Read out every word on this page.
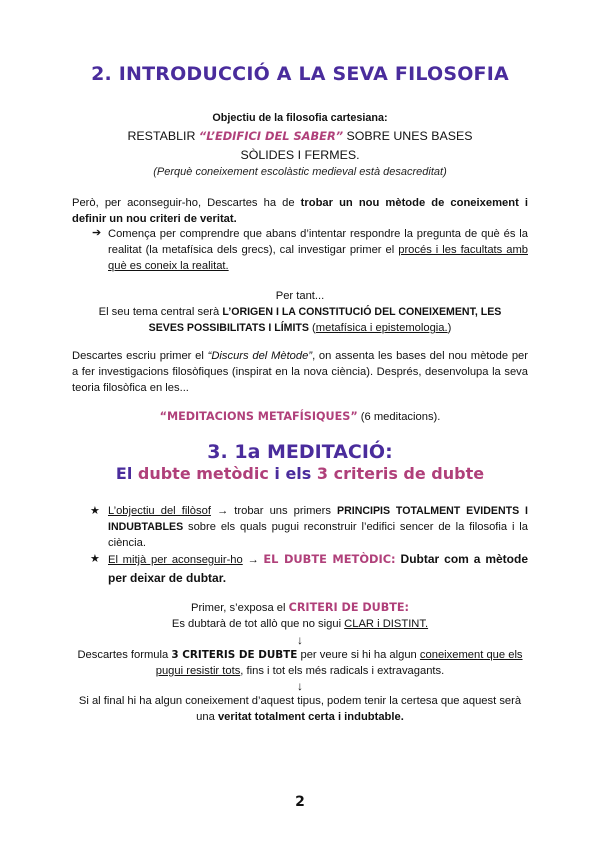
2. INTRODUCCIÓ A LA SEVA FILOSOFIA
Objectiu de la filosofia cartesiana:
RESTABLIR “L’EDIFICI DEL SABER” SOBRE UNES BASES
SÒLIDES I FERMES.
(Perquè coneixement escolàstic medieval està desacreditat)
Però, per aconseguir-ho, Descartes ha de trobar un nou mètode de coneixement i definir un nou criteri de veritat.
➔ Comença per comprendre que abans d’intentar respondre la pregunta de què és la realitat (la metafísica dels grecs), cal investigar primer el procés i les facultats amb què es coneix la realitat.
Per tant...
El seu tema central serà L’ORIGEN I LA CONSTITUCIÓ DEL CONEIXEMENT, LES SEVES POSSIBILITATS I LÍMITS (metafísica i epistemologia.)
Descartes escriu primer el “Discurs del Mètode”, on assenta les bases del nou mètode per a fer investigacions filosòfiques (inspirat en la nova ciència). Després, desenvolupa la seva teoria filosòfica en les...
“MEDITACIONS METAFÍSIQUES” (6 meditacions).
3. 1a MEDITACIÓ:
El dubte metòdic i els 3 criteris de dubte
★ L’objectiu del filòsof → trobar uns primers PRINCIPIS TOTALMENT EVIDENTS I INDUBTABLES sobre els quals pugui reconstruir l’edifici sencer de la filosofia i la ciència.
★ El mitjà per aconseguir-ho → EL DUBTE METÒDIC: Dubtar com a mètode per deixar de dubtar.
Primer, s’exposa el CRITERI DE DUBTE:
Es dubtarà de tot allò que no sigui CLAR i DISTINT.
↓
Descartes formula 3 CRITERIS DE DUBTE per veure si hi ha algun coneixement que els pugui resistir tots, fins i tot els més radicals i extravagants.
↓
Si al final hi ha algun coneixement d’aquest tipus, podem tenir la certesa que aquest serà una veritat totalment certa i indubtable.
2
